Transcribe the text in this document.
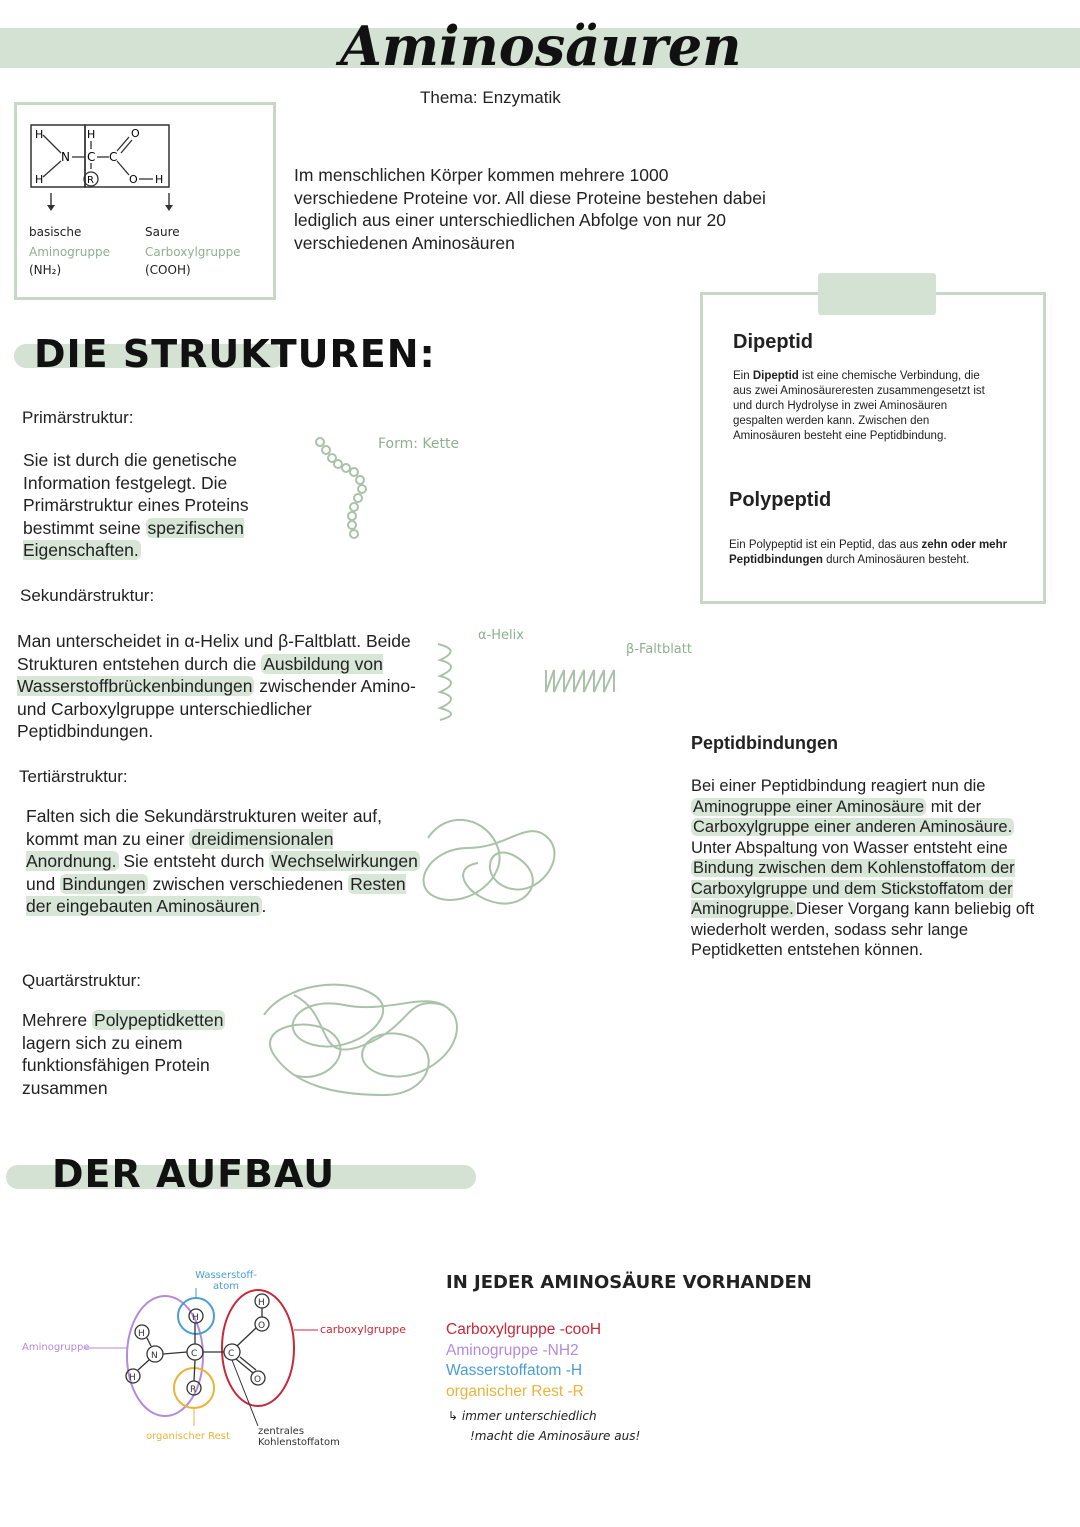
Aminosäuren
Thema: Enzymatik
H
H
N C
H
R
C
O
O H
basische
Aminogruppe
(NH₂)
Saure
Carboxylgruppe
(COOH)
Im menschlichen Körper kommen mehrere 1000 verschiedene Proteine vor. All diese Proteine bestehen dabei lediglich aus einer unterschiedlichen Abfolge von nur 20 verschiedenen Aminosäuren
DIE STRUKTUREN:
Primärstruktur:
Sie ist durch die genetische Information festgelegt. Die Primärstruktur eines Proteins bestimmt seine spezifischen Eigenschaften.
Form: Kette
Sekundärstruktur:
Man unterscheidet in α-Helix und β-Faltblatt. Beide Strukturen entstehen durch die Ausbildung von Wasserstoffbrückenbindungen zwischender Amino- und Carboxylgruppe unterschiedlicher Peptidbindungen.
α-Helix
β-Faltblatt
Tertiärstruktur:
Falten sich die Sekundärstrukturen weiter auf, kommt man zu einer dreidimensionalen Anordnung. Sie entsteht durch Wechselwirkungen und Bindungen zwischen verschiedenen Resten der eingebauten Aminosäuren .
Quartärstruktur:
Mehrere Polypeptidketten lagern sich zu einem funktionsfähigen Protein zusammen
Dipeptid
Ein Dipeptid ist eine chemische Verbindung, die aus zwei Aminosäureresten zusammengesetzt ist und durch Hydrolyse in zwei Aminosäuren gespalten werden kann. Zwischen den Aminosäuren besteht eine Peptidbindung.
Polypeptid
Ein Polypeptid ist ein Peptid, das aus zehn oder mehr Peptidbindungen durch Aminosäuren besteht.
Peptidbindungen
Bei einer Peptidbindung reagiert nun die Aminogruppe einer Aminosäure mit der Carboxylgruppe einer anderen Aminosäure. Unter Abspaltung von Wasser entsteht eine Bindung zwischen dem Kohlenstoffatom der Carboxylgruppe und dem Stickstoffatom der Aminogruppe. Dieser Vorgang kann beliebig oft wiederholt werden, sodass sehr lange Peptidketten entstehen können.
DER AUFBAU
H
N
H
C
H
R
C
O
H
O
Wasserstoff-atom
carboxylgruppe
Aminogruppe
organischer Rest	zentrales Kohlenstoffatom
IN JEDER AMINOSÄURE VORHANDEN
Carboxylgruppe -cooH
Aminogruppe -NH2
Wasserstoffatom -H
organischer Rest -R
↳ immer unterschiedlich
!macht die Aminosäure aus!
